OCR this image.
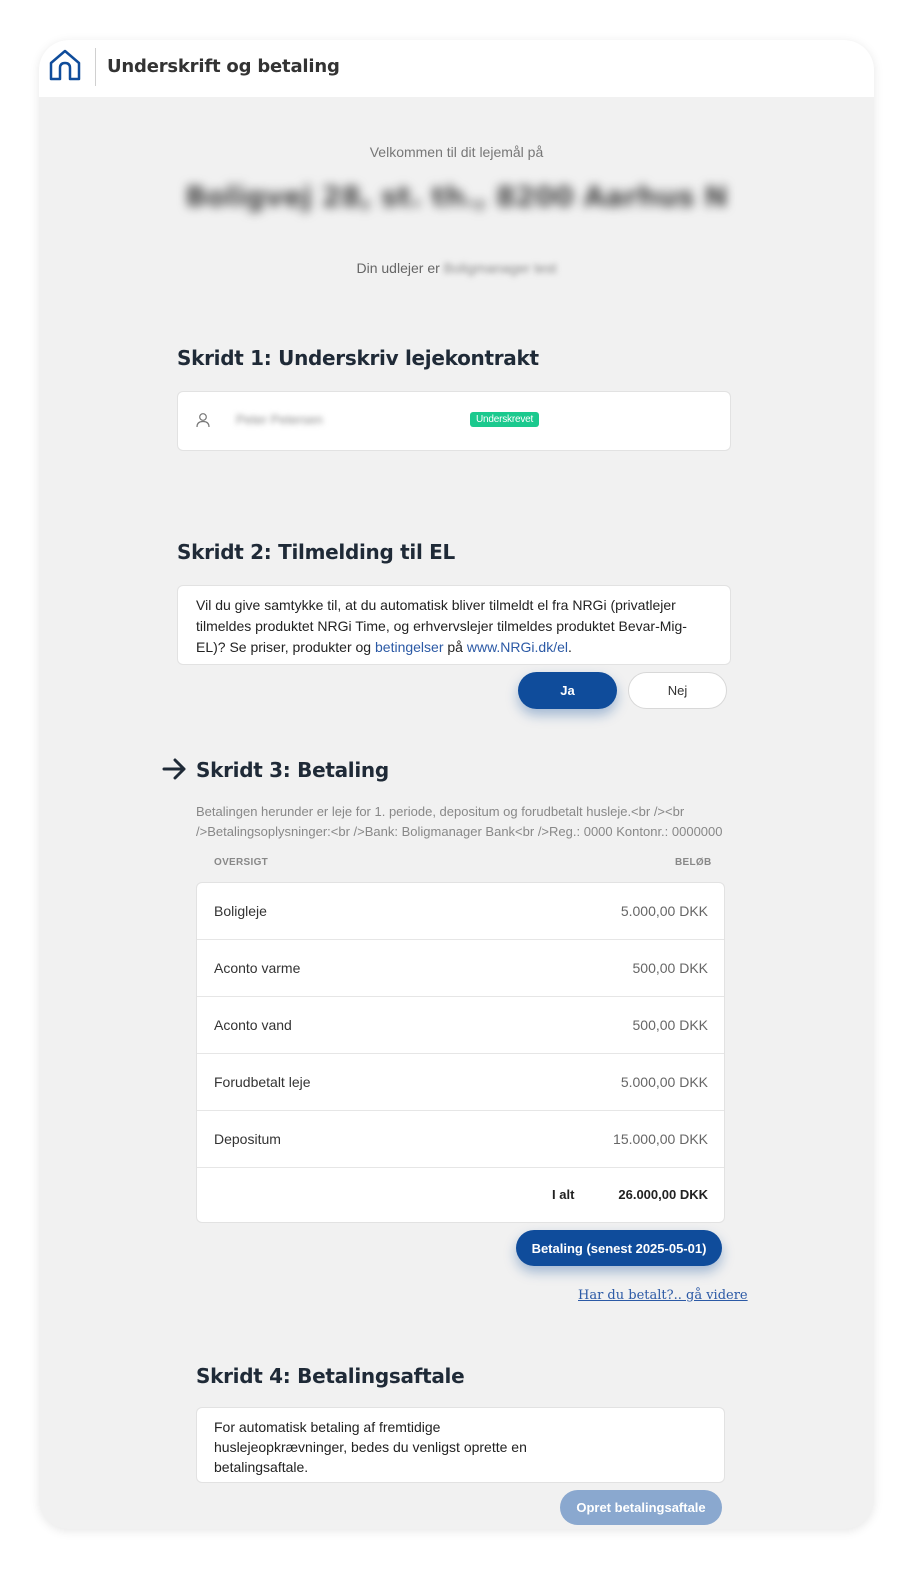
Underskrift og betaling
Velkommen til dit lejemål på
Boligvej 28, st. th., 8200 Aarhus N
Din udlejer er Boligmanager test
Skridt 1: Underskriv lejekontrakt
Peter Petersen	Underskrevet
Skridt 2: Tilmelding til EL
Vil du give samtykke til, at du automatisk bliver tilmeldt el fra NRGi (privatlejer tilmeldes produktet NRGi Time, og erhvervslejer tilmeldes produktet Bevar-Mig-EL)? Se priser, produkter og betingelser på www.NRGi.dk/el.
Ja	Nej
Skridt 3: Betaling
Betalingen herunder er leje for 1. periode, depositum og forudbetalt husleje.<br /><br />Betalingsoplysninger:<br />Bank: Boligmanager Bank<br />Reg.: 0000 Kontonr.: 0000000
OVERSIGT	BELØB
Boligleje	5.000,00 DKK
Aconto varme	500,00 DKK
Aconto vand	500,00 DKK
Forudbetalt leje	5.000,00 DKK
Depositum	15.000,00 DKK
I alt	26.000,00 DKK
Betaling (senest 2025-05-01)
Har du betalt?.. gå videre
Skridt 4: Betalingsaftale
For automatisk betaling af fremtidige huslejeopkrævninger, bedes du venligst oprette en betalingsaftale.
Opret betalingsaftale
